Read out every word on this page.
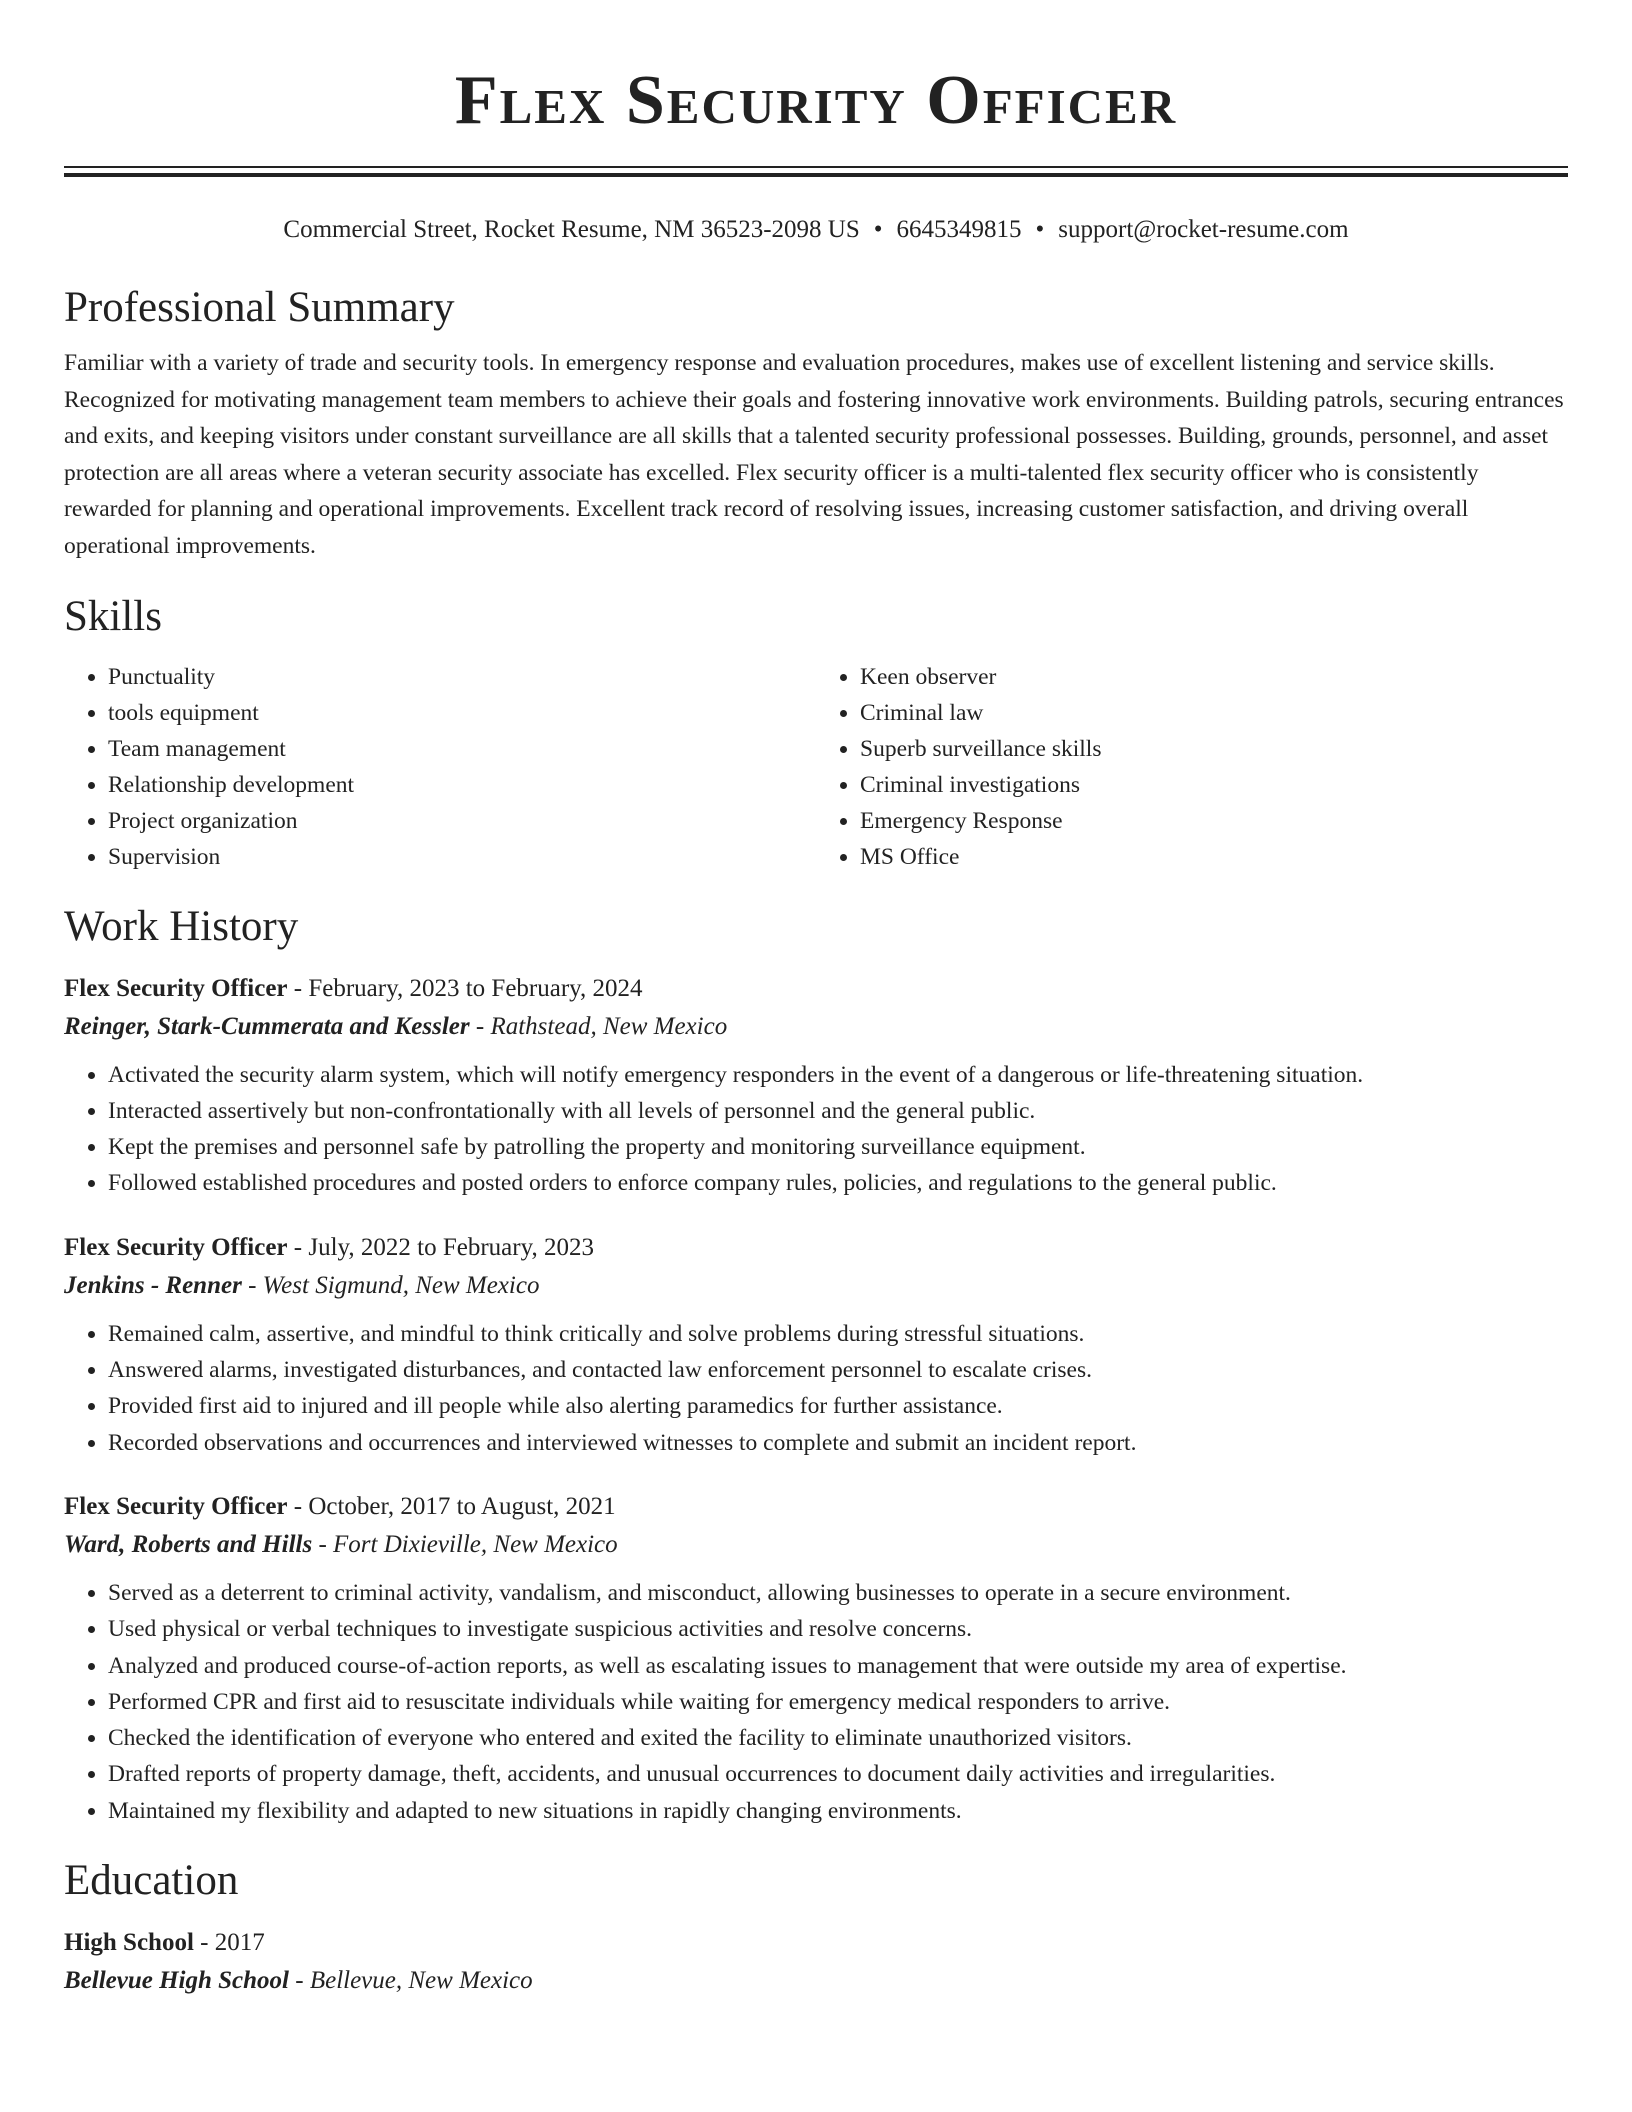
Flex Security Officer
Commercial Street, Rocket Resume, NM 36523-2098 US • 6645349815 • support@rocket-resume.com
Professional Summary
Familiar with a variety of trade and security tools. In emergency response and evaluation procedures, makes use of excellent listening and service skills. Recognized for motivating management team members to achieve their goals and fostering innovative work environments. Building patrols, securing entrances and exits, and keeping visitors under constant surveillance are all skills that a talented security professional possesses. Building, grounds, personnel, and asset protection are all areas where a veteran security associate has excelled. Flex security officer is a multi-talented flex security officer who is consistently rewarded for planning and operational improvements. Excellent track record of resolving issues, increasing customer satisfaction, and driving overall operational improvements.
Skills
• Punctuality
• tools equipment
• Team management
• Relationship development
• Project organization
• Supervision
• Keen observer
• Criminal law
• Superb surveillance skills
• Criminal investigations
• Emergency Response
• MS Office
Work History
Flex Security Officer - February, 2023 to February, 2024
Reinger, Stark-Cummerata and Kessler - Rathstead, New Mexico
• Activated the security alarm system, which will notify emergency responders in the event of a dangerous or life-threatening situation.
• Interacted assertively but non-confrontationally with all levels of personnel and the general public.
• Kept the premises and personnel safe by patrolling the property and monitoring surveillance equipment.
• Followed established procedures and posted orders to enforce company rules, policies, and regulations to the general public.
Flex Security Officer - July, 2022 to February, 2023
Jenkins - Renner - West Sigmund, New Mexico
• Remained calm, assertive, and mindful to think critically and solve problems during stressful situations.
• Answered alarms, investigated disturbances, and contacted law enforcement personnel to escalate crises.
• Provided first aid to injured and ill people while also alerting paramedics for further assistance.
• Recorded observations and occurrences and interviewed witnesses to complete and submit an incident report.
Flex Security Officer - October, 2017 to August, 2021
Ward, Roberts and Hills - Fort Dixieville, New Mexico
• Served as a deterrent to criminal activity, vandalism, and misconduct, allowing businesses to operate in a secure environment.
• Used physical or verbal techniques to investigate suspicious activities and resolve concerns.
• Analyzed and produced course-of-action reports, as well as escalating issues to management that were outside my area of expertise.
• Performed CPR and first aid to resuscitate individuals while waiting for emergency medical responders to arrive.
• Checked the identification of everyone who entered and exited the facility to eliminate unauthorized visitors.
• Drafted reports of property damage, theft, accidents, and unusual occurrences to document daily activities and irregularities.
• Maintained my flexibility and adapted to new situations in rapidly changing environments.
Education
High School - 2017
Bellevue High School - Bellevue, New Mexico
